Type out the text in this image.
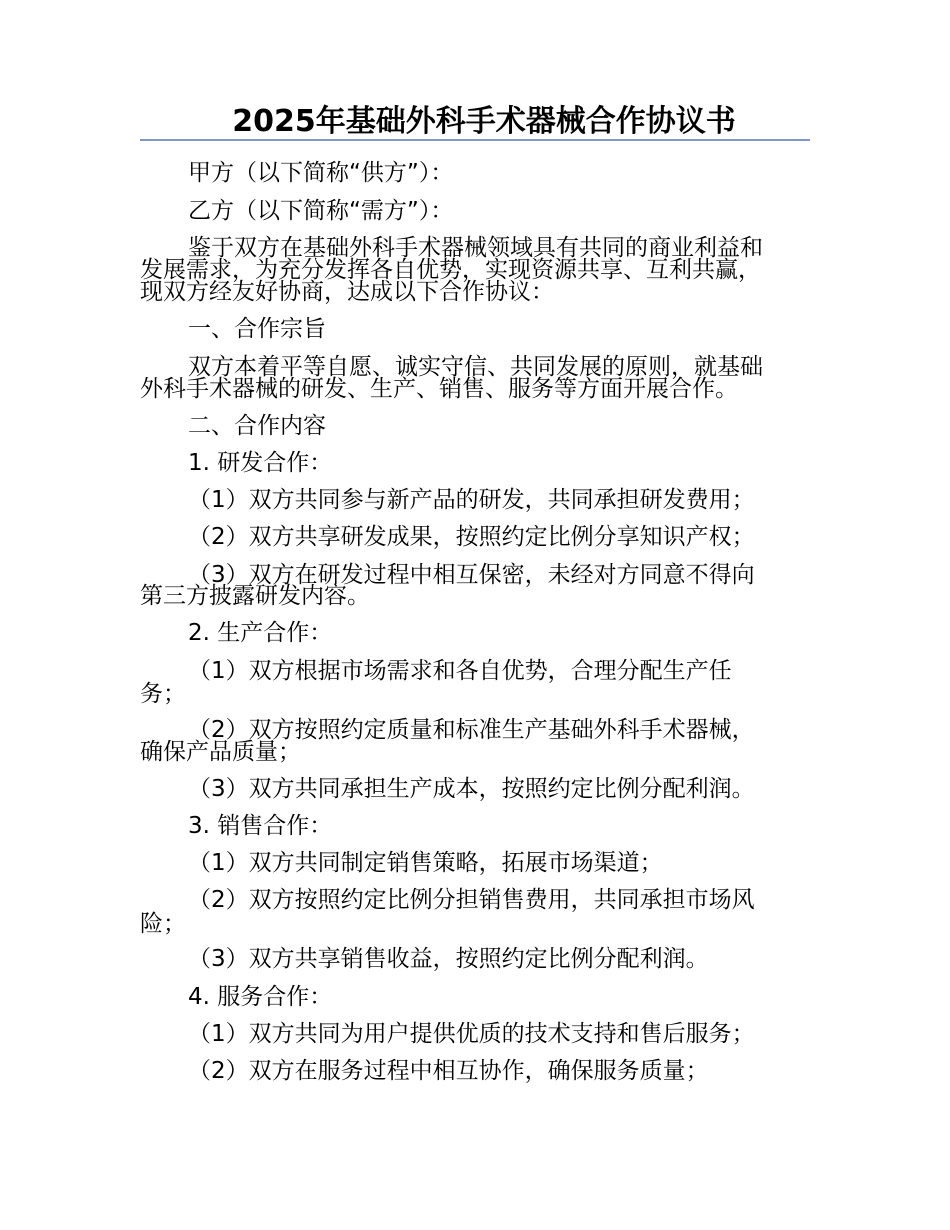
2025年基础外科手术器械合作协议书
甲方（以下简称“供方”）：
乙方（以下简称“需方”）：
鉴于双方在基础外科手术器械领域具有共同的商业利益和
发展需求，为充分发挥各自优势，实现资源共享、互利共赢，
现双方经友好协商，达成以下合作协议：
一、合作宗旨
双方本着平等自愿、诚实守信、共同发展的原则，就基础
外科手术器械的研发、生产、销售、服务等方面开展合作。
二、合作内容
1. 研发合作：
（1）双方共同参与新产品的研发，共同承担研发费用；
（2）双方共享研发成果，按照约定比例分享知识产权；
（3）双方在研发过程中相互保密，未经对方同意不得向
第三方披露研发内容。
2. 生产合作：
（1）双方根据市场需求和各自优势，合理分配生产任
务；
（2）双方按照约定质量和标准生产基础外科手术器械，
确保产品质量；
（3）双方共同承担生产成本，按照约定比例分配利润。
3. 销售合作：
（1）双方共同制定销售策略，拓展市场渠道；
（2）双方按照约定比例分担销售费用，共同承担市场风
险；
（3）双方共享销售收益，按照约定比例分配利润。
4. 服务合作：
（1）双方共同为用户提供优质的技术支持和售后服务；
（2）双方在服务过程中相互协作，确保服务质量；
